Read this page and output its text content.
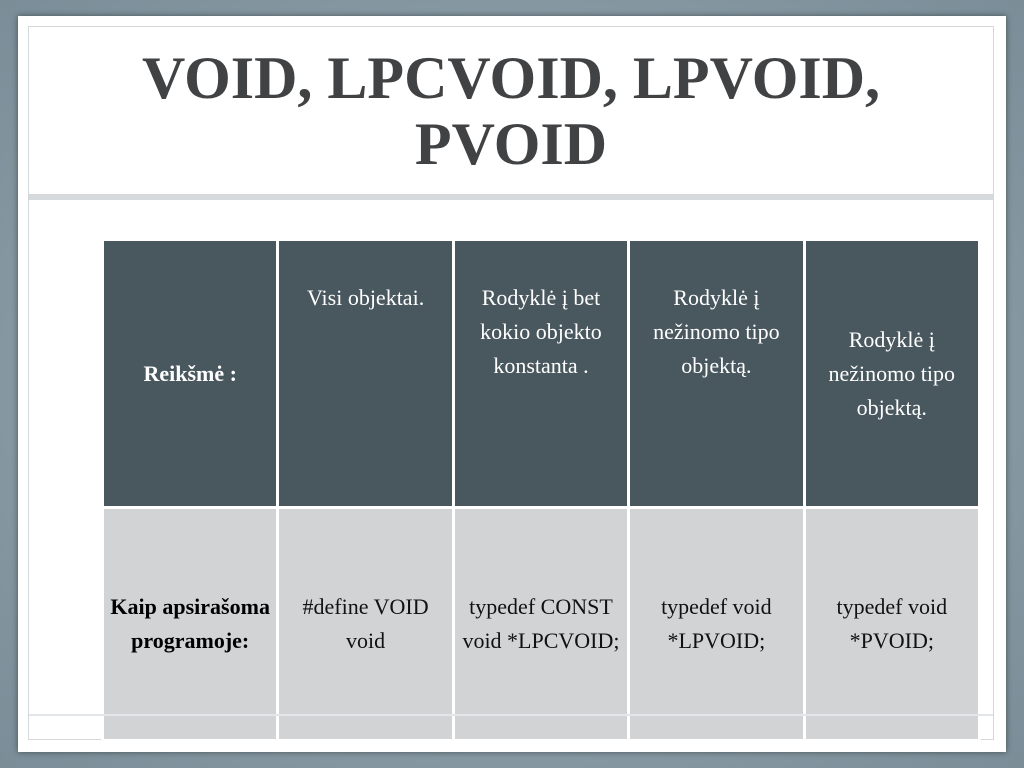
VOID, LPCVOID, LPVOID, PVOID
Reikšmė :	Visi objektai.	Rodyklė į bet kokio objekto konstanta .	Rodyklė į nežinomo tipo objektą.	Rodyklė į nežinomo tipo objektą.
Kaip apsirašoma programoje:	#define VOID void	typedef CONST void *LPCVOID;	typedef void *LPVOID;	typedef void *PVOID;
